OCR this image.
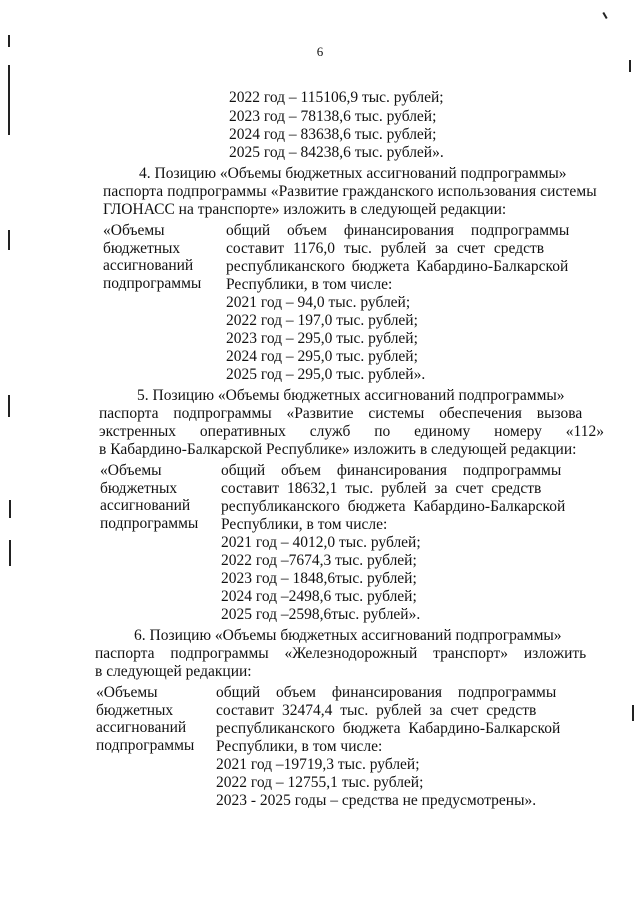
6
2022 год – 115106,9 тыс. рублей;
2023 год – 78138,6 тыс. рублей;
2024 год – 83638,6 тыс. рублей;
2025 год – 84238,6 тыс. рублей».
4. Позицию «Объемы бюджетных ассигнований подпрограммы»
паспорта подпрограммы «Развитие гражданского использования системы
ГЛОНАСС на транспорте» изложить в следующей редакции:
«Объемы
бюджетных
ассигнований
подпрограммы
общий объем финансирования подпрограммы
составит 1176,0 тыс. рублей за счет средств
республиканского бюджета Кабардино-Балкарской
Республики, в том числе:
2021 год – 94,0 тыс. рублей;
2022 год – 197,0 тыс. рублей;
2023 год – 295,0 тыс. рублей;
2024 год – 295,0 тыс. рублей;
2025 год – 295,0 тыс. рублей».
5. Позицию «Объемы бюджетных ассигнований подпрограммы»
паспорта подпрограммы «Развитие системы обеспечения вызова
экстренных оперативных служб по единому номеру «112»
в Кабардино-Балкарской Республике» изложить в следующей редакции:
«Объемы
бюджетных
ассигнований
подпрограммы
общий объем финансирования подпрограммы
составит 18632,1 тыс. рублей за счет средств
республиканского бюджета Кабардино-Балкарской
Республики, в том числе:
2021 год – 4012,0 тыс. рублей;
2022 год –7674,3 тыс. рублей;
2023 год – 1848,6тыс. рублей;
2024 год –2498,6 тыс. рублей;
2025 год –2598,6тыс. рублей».
6. Позицию «Объемы бюджетных ассигнований подпрограммы»
паспорта подпрограммы «Железнодорожный транспорт» изложить
в следующей редакции:
«Объемы
бюджетных
ассигнований
подпрограммы
общий объем финансирования подпрограммы
составит 32474,4 тыс. рублей за счет средств
республиканского бюджета Кабардино-Балкарской
Республики, в том числе:
2021 год –19719,3 тыс. рублей;
2022 год – 12755,1 тыс. рублей;
2023 - 2025 годы – средства не предусмотрены».
